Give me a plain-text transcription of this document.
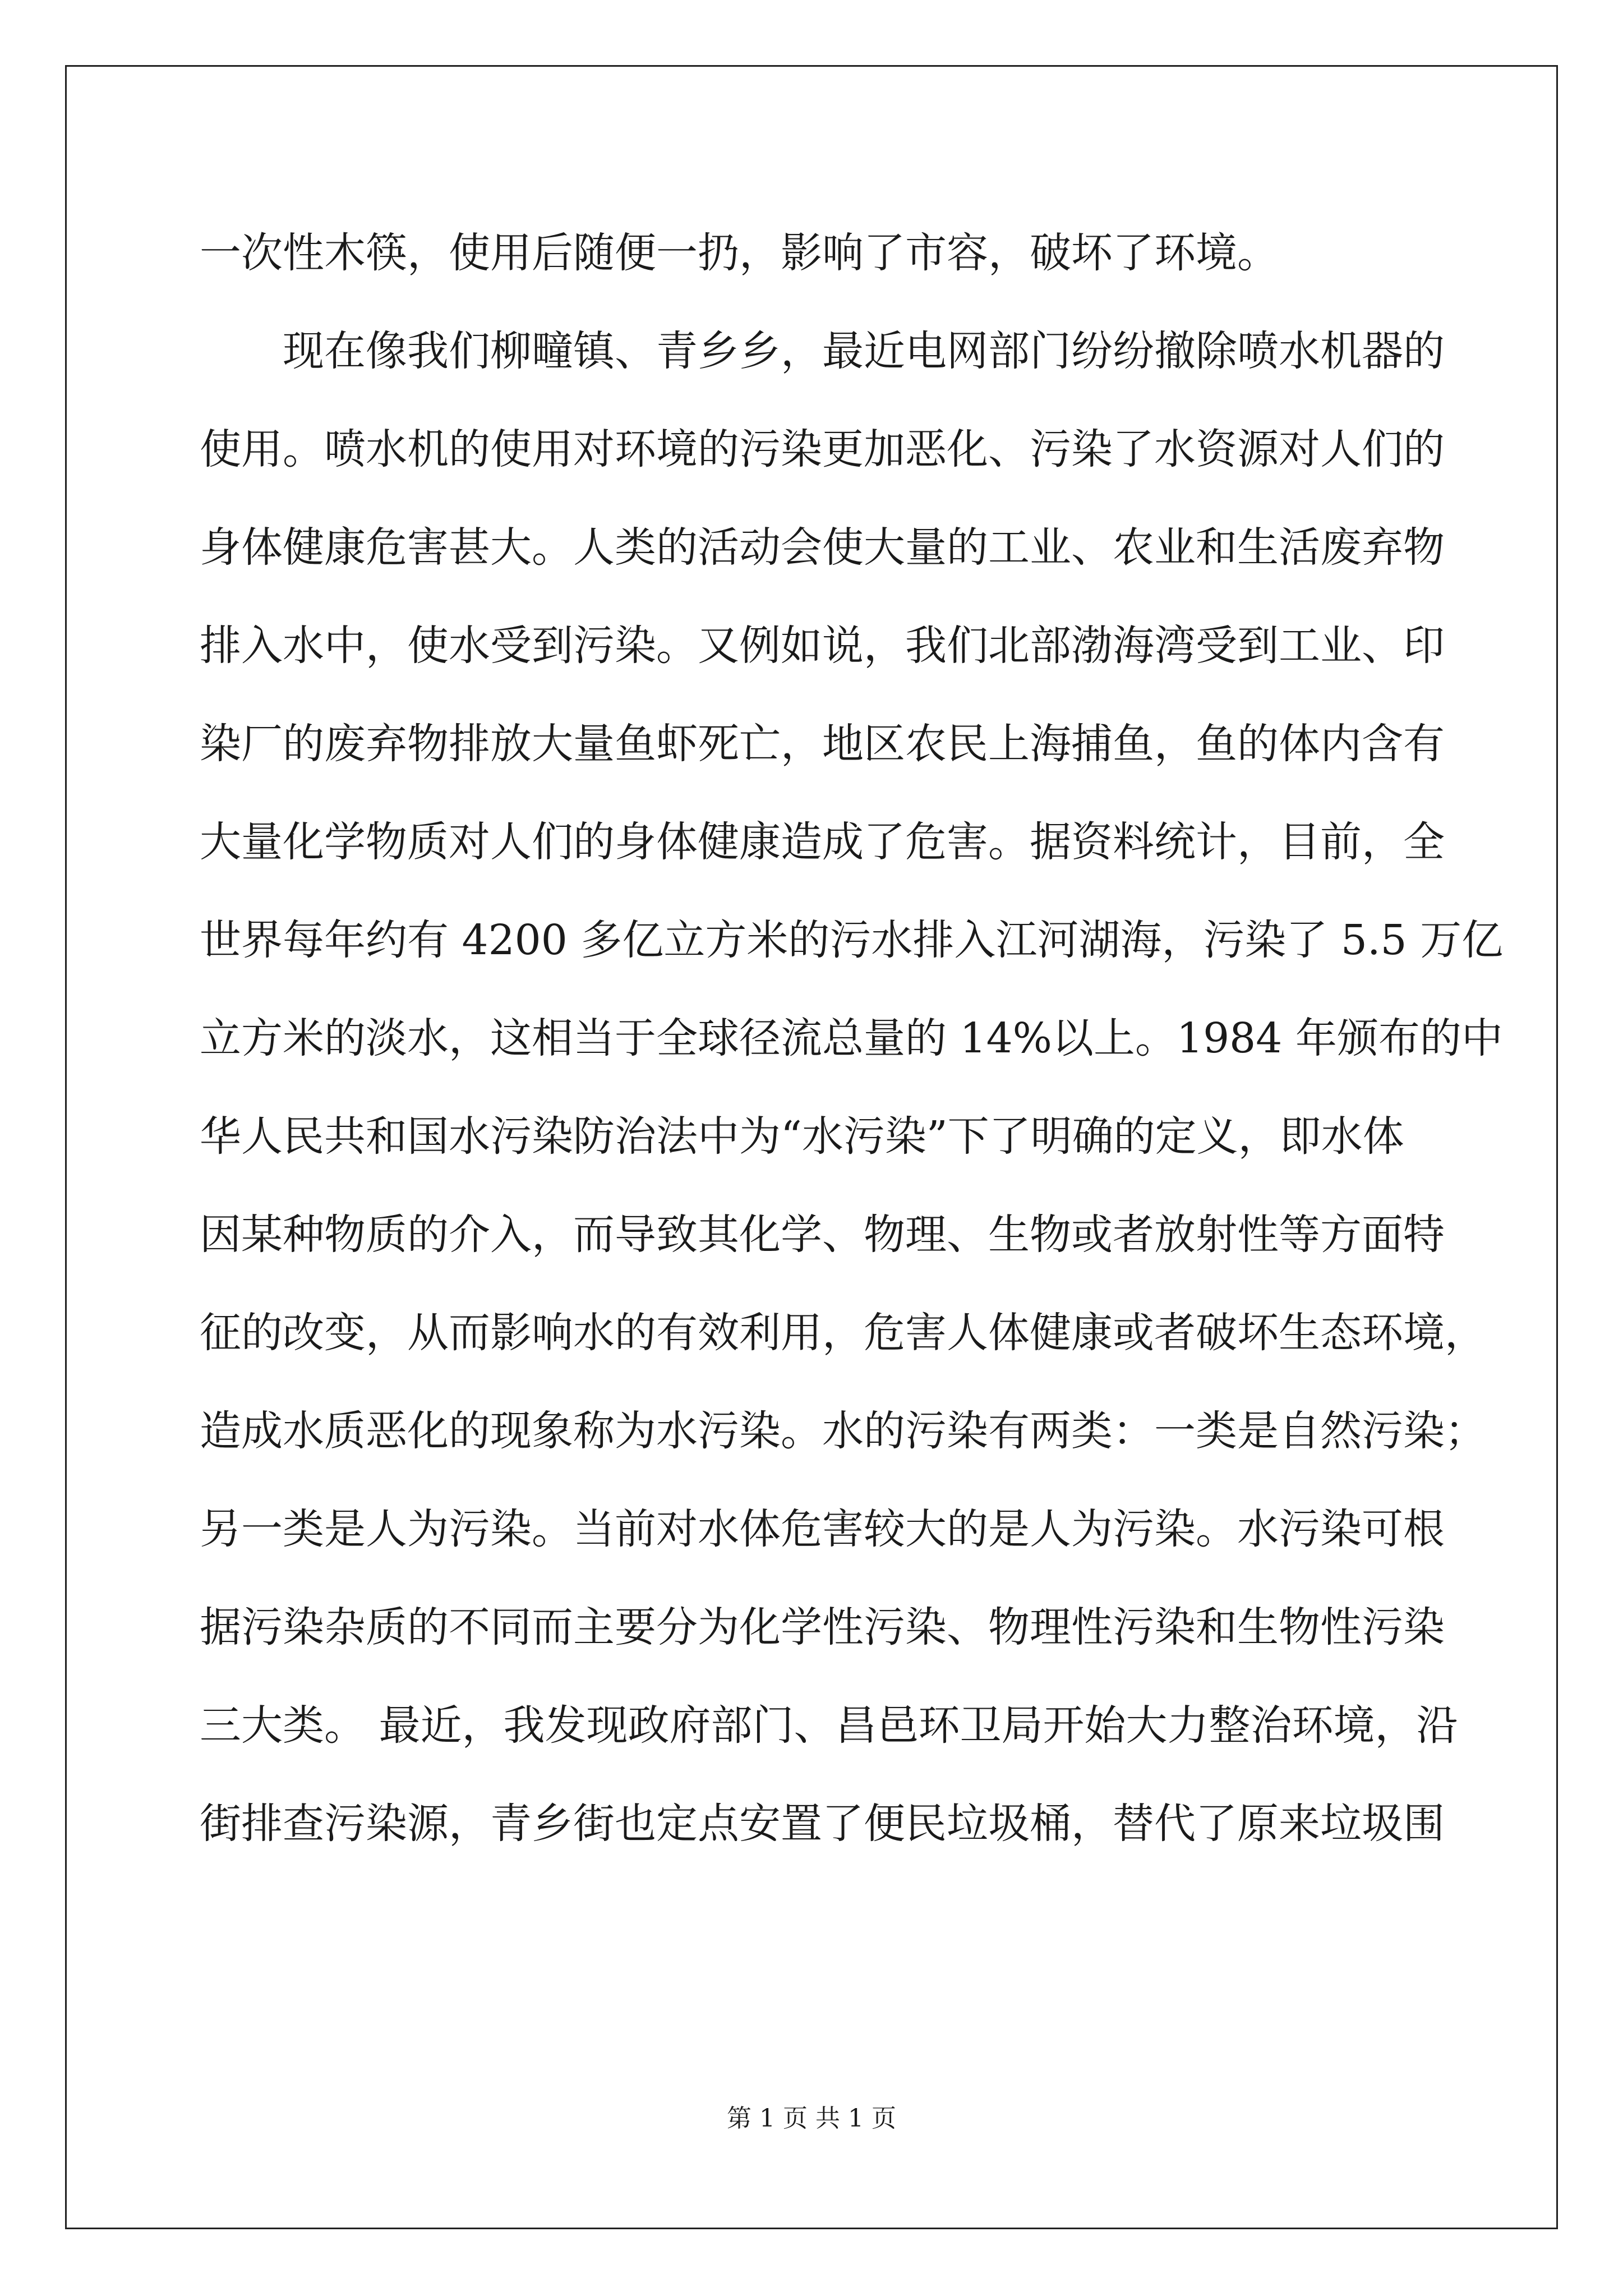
一次性木筷，使用后随便一扔，影响了市容，破坏了环境。
现在像我们柳疃镇、青乡乡，最近电网部门纷纷撤除喷水机器的
使用。喷水机的使用对环境的污染更加恶化、污染了水资源对人们的
身体健康危害甚大。人类的活动会使大量的工业、农业和生活废弃物
排入水中，使水受到污染。又例如说，我们北部渤海湾受到工业、印
染厂的废弃物排放大量鱼虾死亡，地区农民上海捕鱼，鱼的体内含有
大量化学物质对人们的身体健康造成了危害。据资料统计，目前，全
世界每年约有 4200 多亿立方米的污水排入江河湖海，污染了 5.5 万亿
立方米的淡水，这相当于全球径流总量的 14%以上。1984 年颁布的中
华人民共和国水污染防治法中为“水污染”下了明确的定义，即水体
因某种物质的介入，而导致其化学、物理、生物或者放射性等方面特
征的改变，从而影响水的有效利用，危害人体健康或者破坏生态环境，
造成水质恶化的现象称为水污染。水的污染有两类：一类是自然污染；
另一类是人为污染。当前对水体危害较大的是人为污染。水污染可根
据污染杂质的不同而主要分为化学性污染、物理性污染和生物性污染
三大类。 最近，我发现政府部门、昌邑环卫局开始大力整治环境，沿
街排查污染源，青乡街也定点安置了便民垃圾桶，替代了原来垃圾围
第 1 页 共 1 页
